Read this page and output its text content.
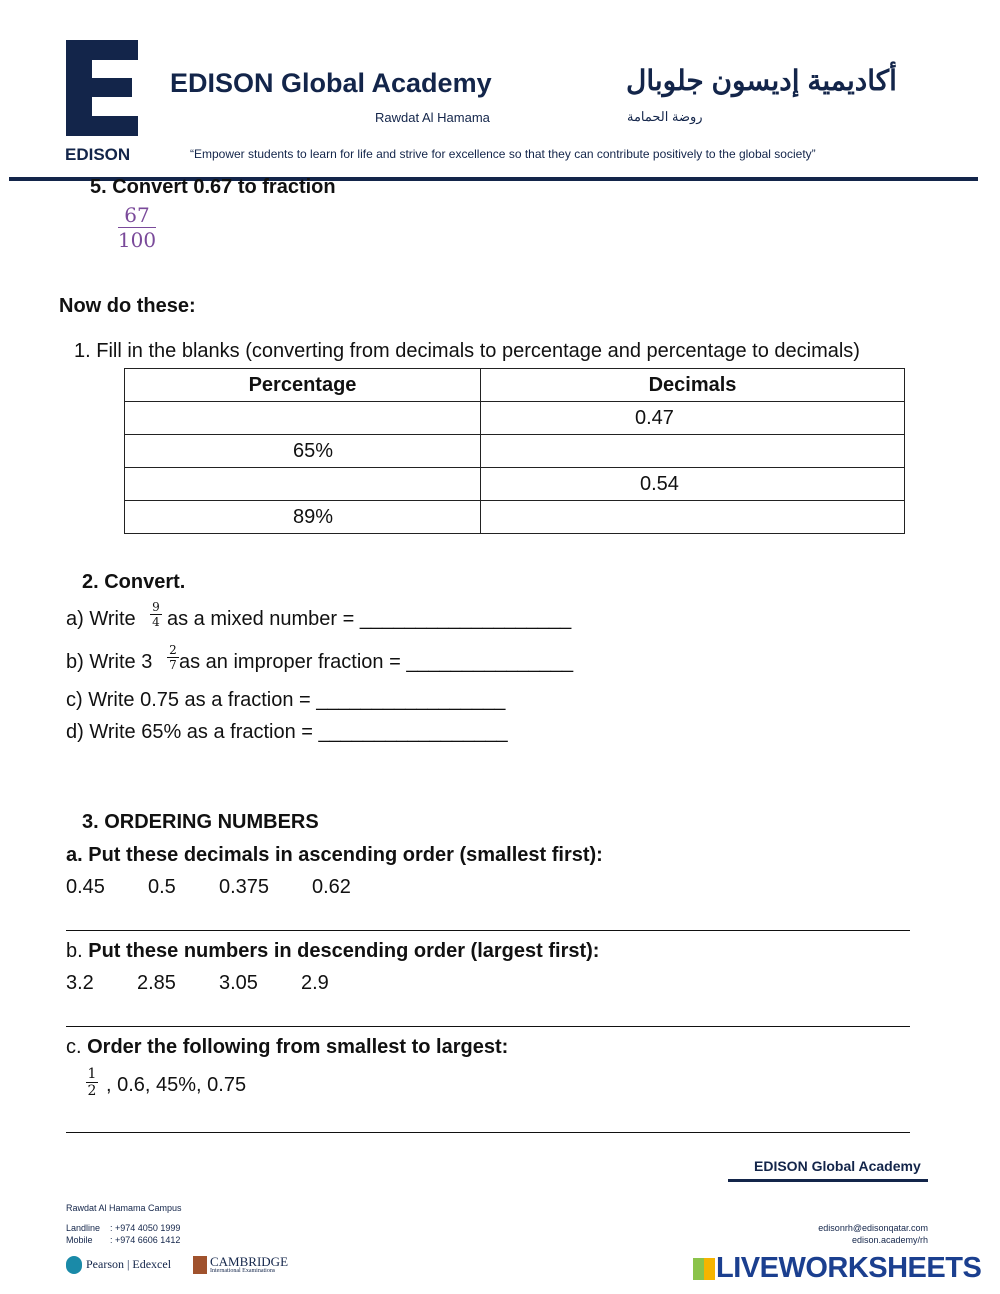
EDISON
EDISON Global Academy
Rawdat Al Hamama
أكاديمية إديسون جلوبال
روضة الحمامة
“Empower students to learn for life and strive for excellence so that they can contribute positively to the global society”
5. Convert 0.67 to fraction
67
100
Now do these:
1. Fill in the blanks (converting from decimals to percentage and percentage to decimals)
Percentage	Decimals
	0.47
65%	
	0.54
89%	
2. Convert.
a) Write
9
4 as a mixed number = ___________________
b) Write 3
2
7 as an improper fraction = _______________
c) Write 0.75 as a fraction = _________________
d) Write 65% as a fraction = _________________
3. ORDERING NUMBERS
a. Put these decimals in ascending order (smallest first):
0.45 0.5 0.375 0.62
b. Put these numbers in descending order (largest first):
3.2 2.85 3.05 2.9
c. Order the following from smallest to largest:
1
2 , 0.6, 45%, 0.75
EDISON Global Academy
Rawdat Al Hamama Campus
Landline    : +974 4050 1999
Mobile       : +974 6606 1412
edisonrh@edisonqatar.com
edison.academy/rh
Pearson | Edexcel	CAMBRIDGE
International Examinations	LIVEWORKSHEETS
